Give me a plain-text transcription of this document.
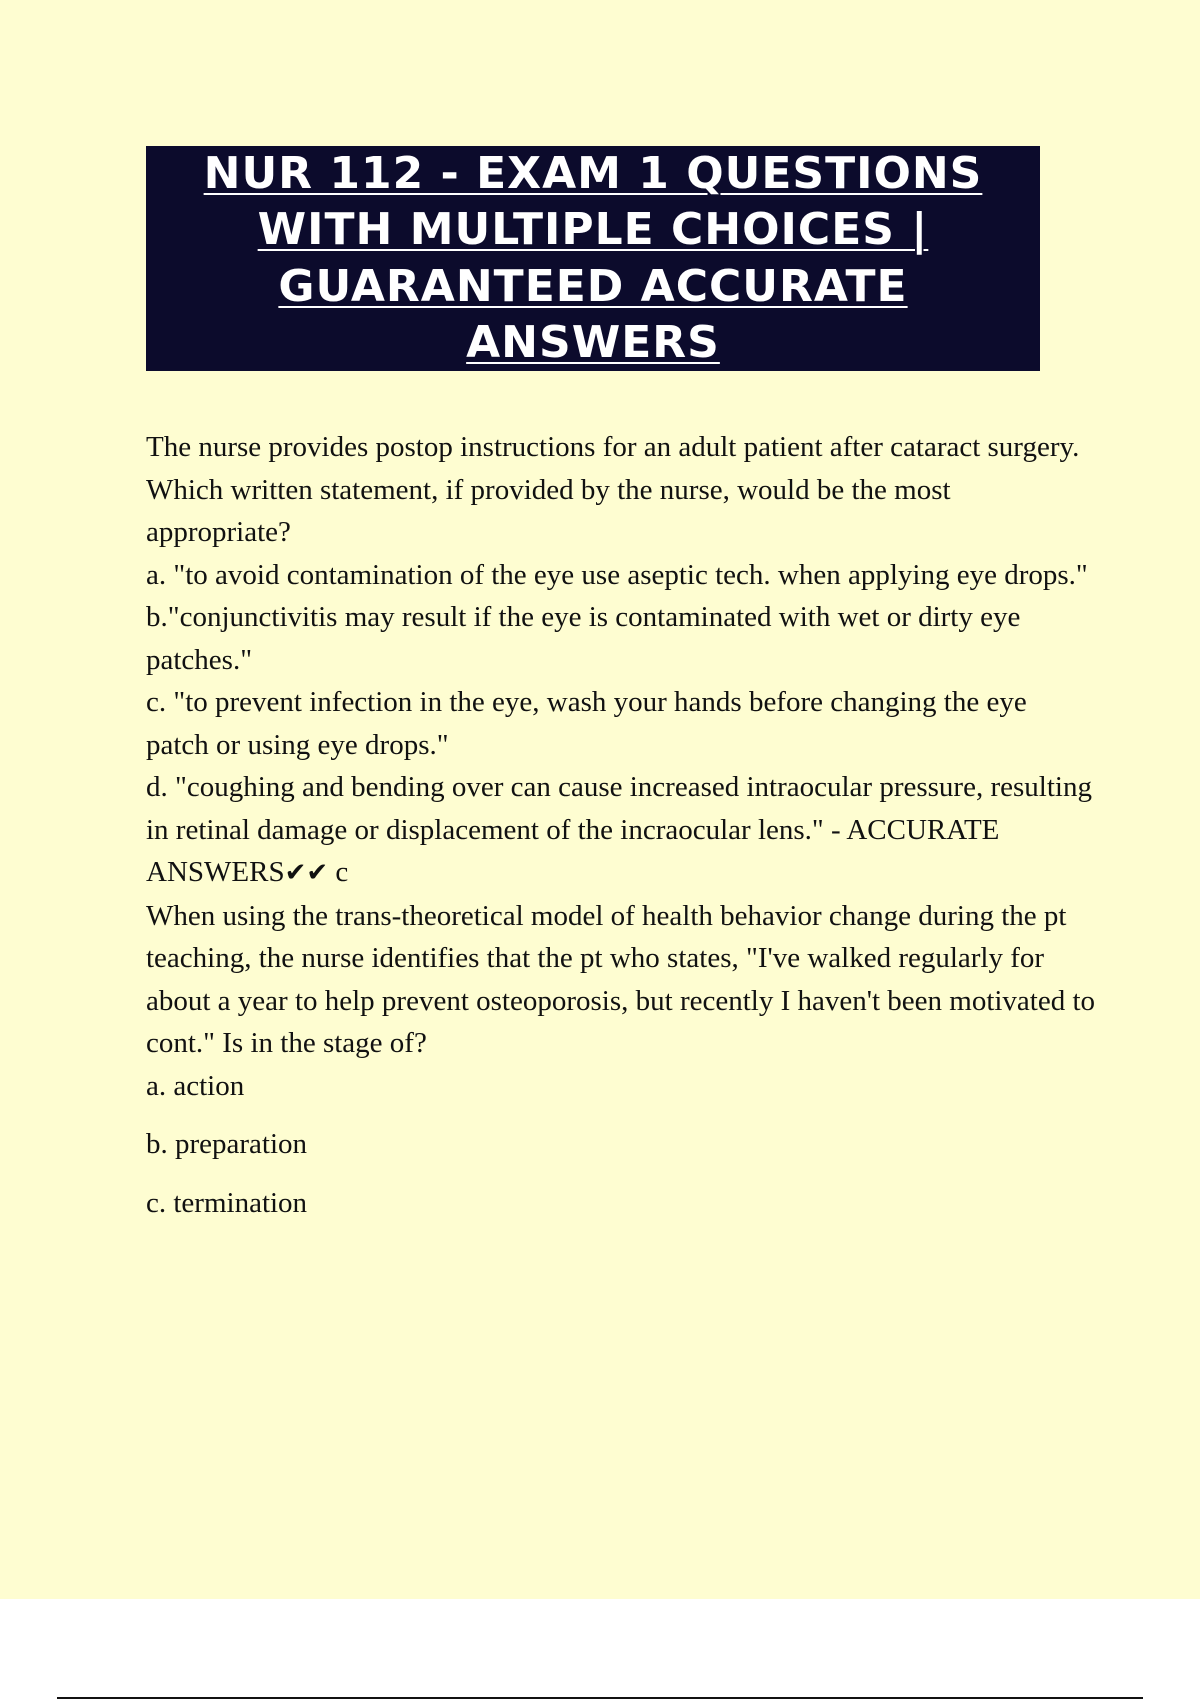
NUR 112 - EXAM 1 QUESTIONS WITH MULTIPLE CHOICES | GUARANTEED ACCURATE ANSWERS

The nurse provides postop instructions for an adult patient after cataract surgery. Which written statement, if provided by the nurse, would be the most appropriate?

a. "to avoid contamination of the eye use aseptic tech. when applying eye drops."

b."conjunctivitis may result if the eye is contaminated with wet or dirty eye patches."

c. "to prevent infection in the eye, wash your hands before changing the eye patch or using eye drops."

d. "coughing and bending over can cause increased intraocular pressure, resulting in retinal damage or displacement of the incraocular lens." - ACCURATE ANSWERS✔✔ c

When using the trans-theoretical model of health behavior change during the pt teaching, the nurse identifies that the pt who states, "I've walked regularly for about a year to help prevent osteoporosis, but recently I haven't been motivated to cont." Is in the stage of?

a. action

b. preparation

c. termination
